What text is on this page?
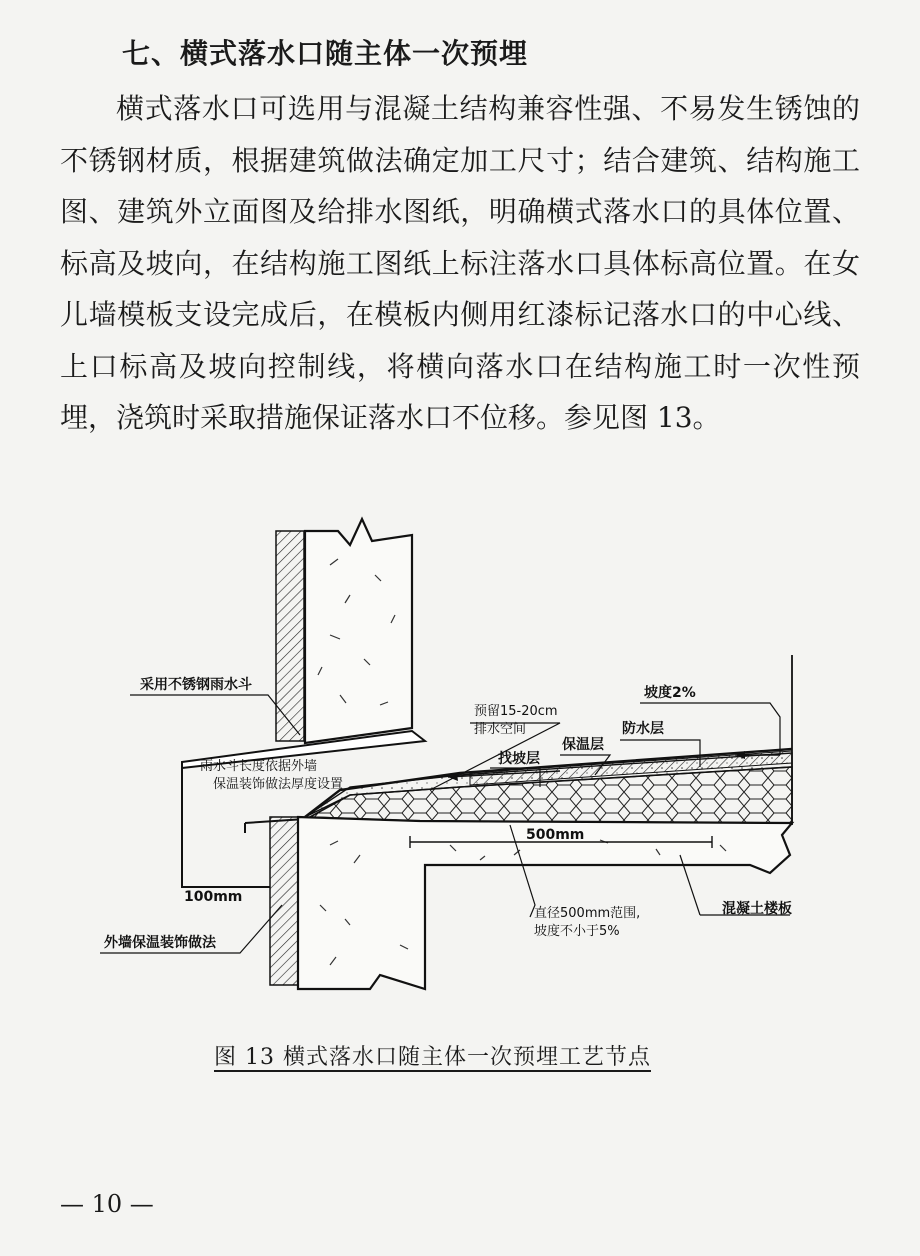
七、横式落水口随主体一次预埋

横式落水口可选用与混凝土结构兼容性强、不易发生锈蚀的不锈钢材质，根据建筑做法确定加工尺寸；结合建筑、结构施工图、建筑外立面图及给排水图纸，明确横式落水口的具体位置、标高及坡向，在结构施工图纸上标注落水口具体标高位置。在女儿墙模板支设完成后，在模板内侧用红漆标记落水口的中心线、上口标高及坡向控制线，将横向落水口在结构施工时一次性预埋，浇筑时采取措施保证落水口不位移。参见图 13。

采用不锈钢雨水斗
雨水斗长度依据外墙
保温装饰做法厚度设置
预留15-20cm
排水空间
坡度2%
防水层
保温层
找坡层
500mm
100mm
直径500mm范围,
坡度不小于5%
混凝土楼板
外墙保温装饰做法
图 13 横式落水口随主体一次预埋工艺节点
— 10 —
